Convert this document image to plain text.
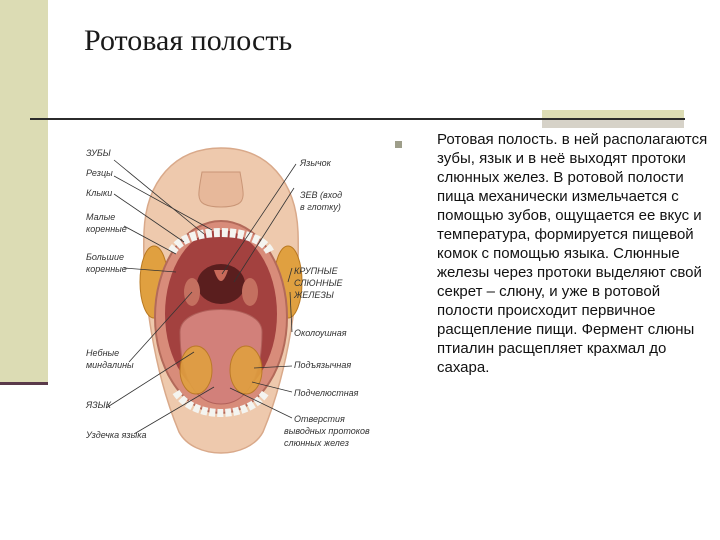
Ротовая полость
ЗУБЫ
Резцы
Клыки
Малые
коренные
Большие
коренные
Небные
миндалины
ЯЗЫК
Уздечка языка
Язычок
ЗЕВ (вход
в глотку)
КРУПНЫЕ
СЛЮННЫЕ
ЖЕЛЕЗЫ
Околоушная
Подъязычная
Подчелюстная
Отверстия
выводных протоков
слюнных желез
Ротовая полость. в ней располагаются зубы, язык и в неё выходят протоки слюнных желез. В ротовой полости пища механически измельчается с помощью зубов, ощущается ее вкус и температура, формируется пищевой комок с помощью языка. Слюнные железы через протоки выделяют свой секрет – слюну, и уже в ротовой полости происходит первичное расщепление пищи. Фермент слюны птиалин расщепляет крахмал до сахара.
